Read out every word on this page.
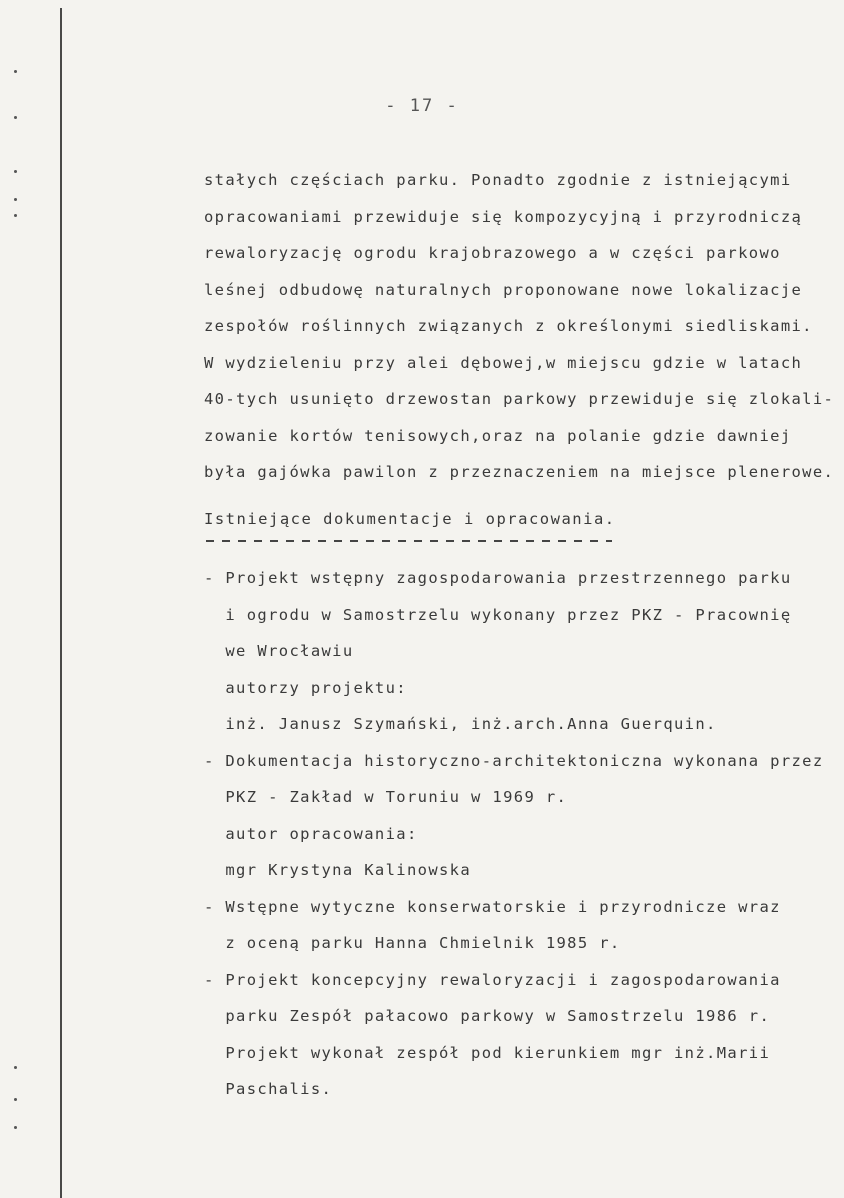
- 17 -
stałych częściach parku. Ponadto zgodnie z istniejącymi
opracowaniami przewiduje się kompozycyjną i przyrodniczą
rewaloryzację ogrodu krajobrazowego a w części parkowo
leśnej odbudowę naturalnych proponowane nowe lokalizacje
zespołów roślinnych związanych z określonymi siedliskami.
W wydzieleniu przy alei dębowej,w miejscu gdzie w latach
40-tych usunięto drzewostan parkowy przewiduje się zlokali-
zowanie kortów tenisowych,oraz na polanie gdzie dawniej
była gajówka pawilon z przeznaczeniem na miejsce plenerowe.
Istniejące dokumentacje i opracowania.
- Projekt wstępny zagospodarowania przestrzennego parku
i ogrodu w Samostrzelu wykonany przez PKZ - Pracownię
we Wrocławiu
autorzy projektu:
inż. Janusz Szymański, inż.arch.Anna Guerquin.
- Dokumentacja historyczno-architektoniczna wykonana przez
PKZ - Zakład w Toruniu w 1969 r.
autor opracowania:
mgr Krystyna Kalinowska
- Wstępne wytyczne konserwatorskie i przyrodnicze wraz
z oceną parku Hanna Chmielnik 1985 r.
- Projekt koncepcyjny rewaloryzacji i zagospodarowania
parku Zespół pałacowo parkowy w Samostrzelu 1986 r.
Projekt wykonał zespół pod kierunkiem mgr inż.Marii
Paschalis.
